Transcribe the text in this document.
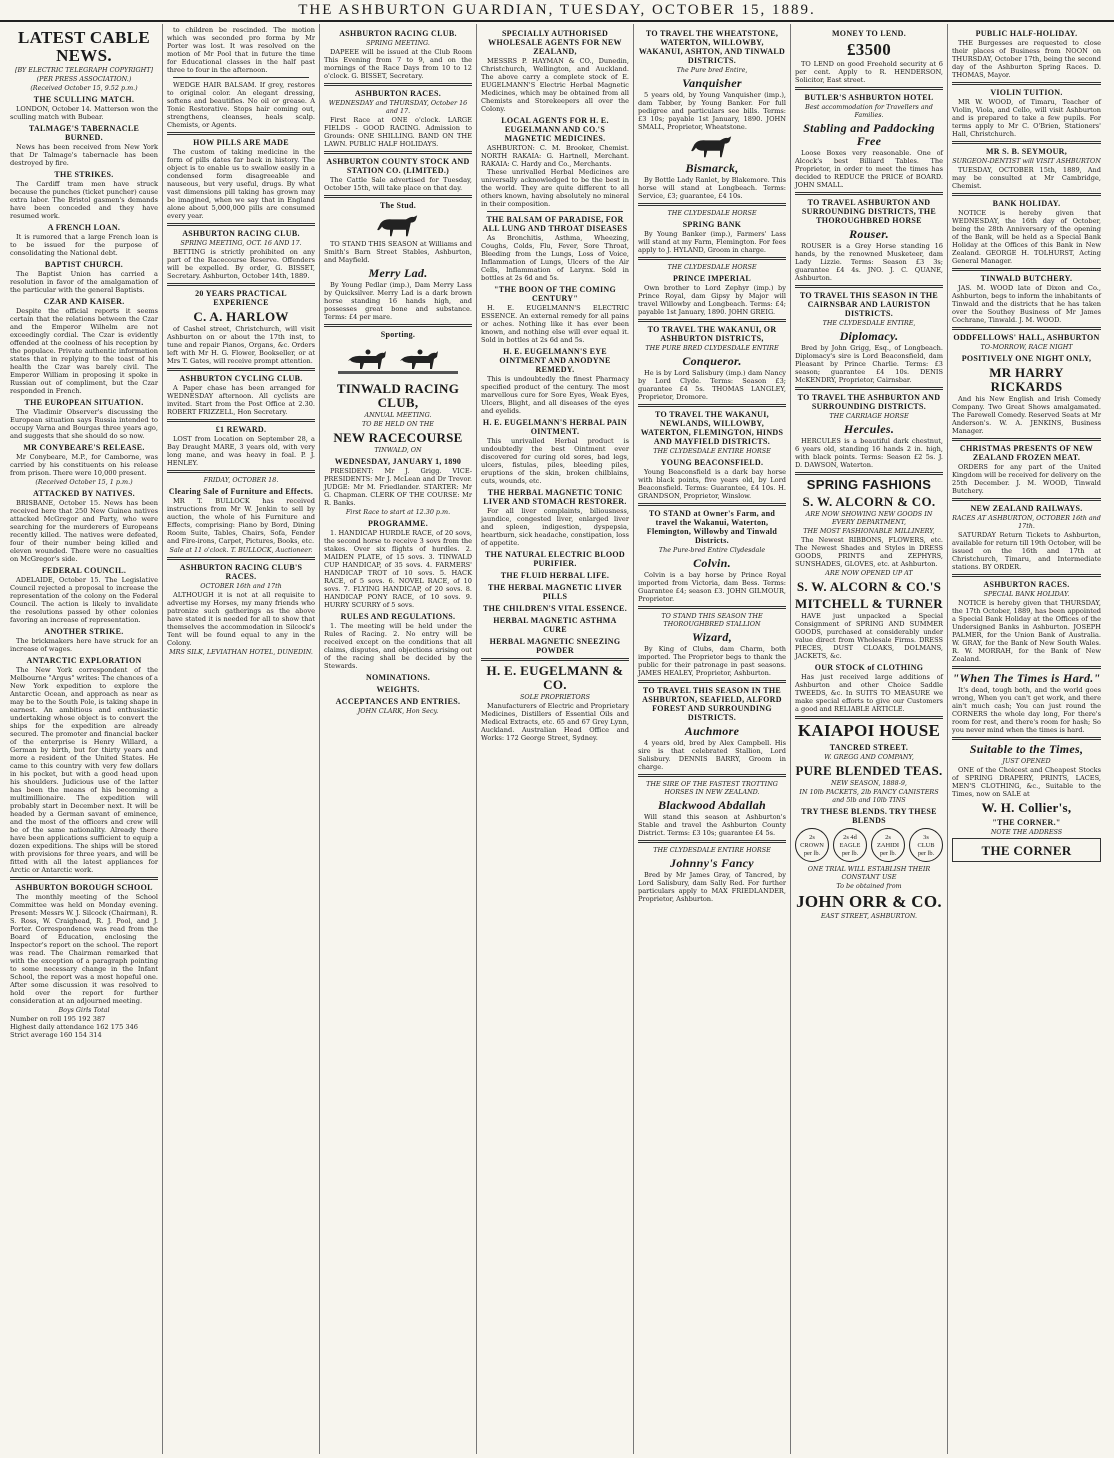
THE ASHBURTON GUARDIAN, TUESDAY, OCTOBER 15, 1889.
LATEST CABLE NEWS.
[BY ELECTRIC TELEGRAPH COPYRIGHT]
(PER PRESS ASSOCIATION.)
(Received October 15, 9.52 p.m.)
THE SCULLING MATCH.
LONDON, October 14. Matterson won the sculling match with Bubear.
TALMAGE'S TABERNACLE BURNED.
News has been received from New York that Dr Talmage's tabernacle has been destroyed by fire.
THE STRIKES.
The Cardiff tram men have struck because the punches (ticket puncher) cause extra labor. The Bristol gasmen's demands have been conceded and they have resumed work.
A FRENCH LOAN.
It is rumored that a large French loan is to be issued for the purpose of consolidating the National debt.
BAPTIST CHURCH.
The Baptist Union has carried a resolution in favor of the amalgamation of the particular with the general Baptists.
CZAR AND KAISER.
Despite the official reports it seems certain that the relations between the Czar and the Emperor Wilhelm are not exceedingly cordial. The Czar is evidently offended at the coolness of his reception by the populace. Private authentic information states that in replying to the toast of his health the Czar was barely civil. The Emperor William in proposing it spoke in Russian out of compliment, but the Czar responded in French.
THE EUROPEAN SITUATION.
The Vladimir Observer's discussing the European situation says Russia intended to occupy Varna and Bourgas three years ago, and suggests that she should do so now.
MR CONYBEARE'S RELEASE.
Mr Conybeare, M.P., for Camborne, was carried by his constituents on his release from prison. There were 10,000 present.
(Received October 15, 1 p.m.)
ATTACKED BY NATIVES.
BRISBANE, October 15. News has been received here that 250 New Guinea natives attacked McGregor and Party, who were searching for the murderers of Europeans recently killed. The natives were defeated, four of their number being killed and eleven wounded. There were no casualties on McGregor's side.
FEDERAL COUNCIL.
ADELAIDE, October 15. The Legislative Council rejected a proposal to increase the representation of the colony on the Federal Council. The action is likely to invalidate the resolutions passed by other colonies favoring an increase of representation.
ANOTHER STRIKE.
The brickmakers here have struck for an increase of wages.
ANTARCTIC EXPLORATION
The New York correspondent of the Melbourne "Argus" writes: The chances of a New York expedition to explore the Antarctic Ocean, and approach as near as may be to the South Pole, is taking shape in earnest. An ambitious and enthusiastic undertaking whose object is to convert the ships for the expedition are already secured. The promoter and financial backer of the enterprise is Henry Willard, a German by birth, but for thirty years and more a resident of the United States. He came to this country with very few dollars in his pocket, but with a good head upon his shoulders. Judicious use of the latter has been the means of his becoming a multimillionaire. The expedition will probably start in December next. It will be headed by a German savant of eminence, and the most of the officers and crew will be of the same nationality. Already there have been applications sufficient to equip a dozen expeditions. The ships will be stored with provisions for three years, and will be fitted with all the latest appliances for Arctic or Antarctic work.
ASHBURTON BOROUGH SCHOOL
The monthly meeting of the School Committee was held on Monday evening. Present: Messrs W. J. Silcock (Chairman), R. S. Ross, W. Craighead, R. J. Pool, and J. Porter. Correspondence was read from the Board of Education, enclosing the Inspector's report on the school. The report was read. The Chairman remarked that with the exception of a paragraph pointing to some necessary change in the Infant School, the report was a most hopeful one. After some discussion it was resolved to hold over the report for further consideration at an adjourned meeting.
Boys Girls Total
Number on roll 195 192 387
Highest daily attendance 162 175 346
Strict average 160 154 314
to children be rescinded. The motion which was seconded pro forma by Mr Porter was lost. It was resolved on the motion of Mr Pool that in future the time for Educational classes in the half past three to four in the afternoon.
WEDGE HAIR BALSAM. If grey, restores to original color. An elegant dressing, softens and beautifies. No oil or grease. A Tonic Restorative. Stops hair coming out, strengthens, cleanses, heals scalp. Chemists, or Agents.
HOW PILLS ARE MADE
The custom of taking medicine in the form of pills dates far back in history. The object is to enable us to swallow easily in a condensed form disagreeable and nauseous, but very useful, drugs. By what vast dimensions pill taking has grown may be imagined, when we say that in England alone about 5,000,000 pills are consumed every year.
ASHBURTON RACING CLUB.
SPRING MEETING, OCT. 16 AND 17.
BETTING is strictly prohibited on any part of the Racecourse Reserve. Offenders will be expelled. By order, G. BISSET, Secretary. Ashburton, October 14th, 1889.
20 YEARS PRACTICAL EXPERIENCE
C. A. HARLOW
of Cashel street, Christchurch, will visit Ashburton on or about the 17th inst, to tune and repair Pianos, Organs, &c. Orders left with Mr H. G. Flower, Bookseller, or at Mrs T. Gates, will receive prompt attention.
ASHBURTON CYCLING CLUB.
A Paper chase has been arranged for WEDNESDAY afternoon. All cyclists are invited. Start from the Post Office at 2.30. ROBERT FRIZZELL, Hon Secretary.
£1 REWARD.
LOST from Location on September 28, a Bay Draught MARE, 3 years old, with very long mane, and was heavy in foal. P. J. HENLEY.
FRIDAY, OCTOBER 18.
Clearing Sale of Furniture and Effects.
MR T. BULLOCK has received instructions from Mr W. Jenkin to sell by auction, the whole of his Furniture and Effects, comprising: Piano by Bord, Dining Room Suite, Tables, Chairs, Sofa, Fender and Fire-irons, Carpet, Pictures, Books, etc.
Sale at 11 o'clock. T. BULLOCK, Auctioneer.
ASHBURTON RACING CLUB'S RACES.
OCTOBER 16th and 17th
ALTHOUGH it is not at all requisite to advertise my Horses, my many friends who patronize such gatherings as the above have stated it is needed for all to show that themselves the accommodation in Silcock's Tent will be found equal to any in the Colony.
MRS SILK, LEVIATHAN HOTEL, DUNEDIN.
ASHBURTON RACING CLUB.
SPRING MEETING.
DAPEEE will be issued at the Club Room This Evening from 7 to 9, and on the mornings of the Race Days from 10 to 12 o'clock. G. BISSET, Secretary.
ASHBURTON RACES.
WEDNESDAY and THURSDAY, October 16 and 17.
First Race at ONE o'clock. LARGE FIELDS - GOOD RACING. Admission to Grounds: ONE SHILLING. BAND ON THE LAWN. PUBLIC HALF HOLIDAYS.
ASHBURTON COUNTY STOCK AND STATION CO. (LIMITED.)
The Cattle Sale advertised for Tuesday, October 15th, will take place on that day.
The Stud.
TO STAND THIS SEASON at Williams and Smith's Barn Street Stables, Ashburton, and Mayfield.
Merry Lad.
By Young Pedlar (imp.), Dam Merry Lass by Quicksilver. Merry Lad is a dark brown horse standing 16 hands high, and possesses great bone and substance. Terms: £4 per mare.
Sporting.
TINWALD RACING CLUB,
ANNUAL MEETING.
TO BE HELD ON THE
NEW RACECOURSE
TINWALD, ON
WEDNESDAY, JANUARY 1, 1890
PRESIDENT: Mr J. Grigg. VICE-PRESIDENTS: Mr J. McLean and Dr Trevor. JUDGE: Mr M. Friedlander. STARTER: Mr G. Chapman. CLERK OF THE COURSE: Mr R. Banks.
First Race to start at 12.30 p.m.
PROGRAMME.
1. HANDICAP HURDLE RACE, of 20 sovs, the second horse to receive 3 sovs from the stakes. Over six flights of hurdles. 2. MAIDEN PLATE, of 15 sovs. 3. TINWALD CUP HANDICAP, of 35 sovs. 4. FARMERS' HANDICAP TROT of 10 sovs. 5. HACK RACE, of 5 sovs. 6. NOVEL RACE, of 10 sovs. 7. FLYING HANDICAP, of 20 sovs. 8. HANDICAP PONY RACE, of 10 sovs. 9. HURRY SCURRY of 5 sovs.
RULES AND REGULATIONS.
1. The meeting will be held under the Rules of Racing. 2. No entry will be received except on the conditions that all claims, disputes, and objections arising out of the racing shall be decided by the Stewards.
NOMINATIONS.
WEIGHTS.
ACCEPTANCES AND ENTRIES.
JOHN CLARK, Hon Secy.
SPECIALLY AUTHORISED WHOLESALE AGENTS FOR NEW ZEALAND,
MESSRS P. HAYMAN & CO., Dunedin, Christchurch, Wellington, and Auckland. The above carry a complete stock of E. EUGELMANN'S Electric Herbal Magnetic Medicines, which may be obtained from all Chemists and Storekeepers all over the Colony.
LOCAL AGENTS FOR H. E. EUGELMANN AND CO.'S MAGNETIC MEDICINES.
ASHBURTON: C. M. Brooker, Chemist. NORTH RAKAIA: G. Hartnell, Merchant. RAKAIA: C. Hardy and Co., Merchants.
These unrivalled Herbal Medicines are universally acknowledged to be the best in the world. They are quite different to all others known, having absolutely no mineral in their composition.
THE BALSAM OF PARADISE, FOR ALL LUNG AND THROAT DISEASES
As Bronchitis, Asthma, Wheezing, Coughs, Colds, Flu, Fever, Sore Throat, Bleeding from the Lungs, Loss of Voice, Inflammation of Lungs, Ulcers of the Air Cells, Inflammation of Larynx. Sold in bottles at 2s 6d and 5s.
"THE BOON OF THE COMING CENTURY"
H. E. EUGELMANN'S ELECTRIC ESSENCE. An external remedy for all pains or aches. Nothing like it has ever been known, and nothing else will ever equal it. Sold in bottles at 2s 6d and 5s.
H. E. EUGELMANN'S EYE OINTMENT AND ANODYNE REMEDY.
This is undoubtedly the finest Pharmacy specified product of the century. The most marvellous cure for Sore Eyes, Weak Eyes, Ulcers, Blight, and all diseases of the eyes and eyelids.
H. E. EUGELMANN'S HERBAL PAIN OINTMENT.
This unrivalled Herbal product is undoubtedly the best Ointment ever discovered for curing old sores, bad legs, ulcers, fistulas, piles, bleeding piles, eruptions of the skin, broken chilblains, cuts, wounds, etc.
THE HERBAL MAGNETIC TONIC LIVER AND STOMACH RESTORER.
For all liver complaints, biliousness, jaundice, congested liver, enlarged liver and spleen, indigestion, dyspepsia, heartburn, sick headache, constipation, loss of appetite.
THE NATURAL ELECTRIC BLOOD PURIFIER.
THE FLUID HERBAL LIFE.
THE HERBAL MAGNETIC LIVER PILLS
THE CHILDREN'S VITAL ESSENCE.
HERBAL MAGNETIC ASTHMA CURE
HERBAL MAGNETIC SNEEZING POWDER
H. E. EUGELMANN & CO.
SOLE PROPRIETORS
Manufacturers of Electric and Proprietary Medicines, Distillers of Essential Oils and Medical Extracts, etc. 65 and 67 Grey Lynn, Auckland. Australian Head Office and Works: 172 George Street, Sydney.
TO TRAVEL THE WHEATSTONE, WATERTON, WILLOWBY, WAKANUI, ASHTON, AND TINWALD DISTRICTS.
The Pure bred Entire,
Vanquisher
5 years old, by Young Vanquisher (imp.), dam Tabber, by Young Banker. For full pedigree and particulars see bills. Terms: £3 10s; payable 1st January, 1890. JOHN SMALL, Proprietor, Wheatstone.
Bismarck,
By Bottle Lady Ranlet, by Blakemore. This horse will stand at Longbeach. Terms: Service, £3; guarantee, £4 10s.
THE CLYDESDALE HORSE
SPRING BANK
By Young Banker (imp.), Farmers' Lass will stand at my Farm, Flemington. For fees apply to J. HYLAND, Groom in charge.
THE CLYDESDALE HORSE
PRINCE IMPERIAL
Own brother to Lord Zephyr (imp.) by Prince Royal, dam Gipsy by Major will travel Willowby and Longbeach. Terms: £4; payable 1st January, 1890. JOHN GREIG.
TO TRAVEL THE WAKANUI, OR ASHBURTON DISTRICTS,
THE PURE BRED CLYDESDALE ENTIRE
Conqueror.
He is by Lord Salisbury (imp.) dam Nancy by Lord Clyde. Terms: Season £3; guarantee £4 5s. THOMAS LANGLEY, Proprietor, Dromore.
TO TRAVEL THE WAKANUI, NEWLANDS, WILLOWBY, WATERTON, FLEMINGTON, HINDS AND MAYFIELD DISTRICTS.
THE CLYDESDALE ENTIRE HORSE
YOUNG BEACONSFIELD.
Young Beaconsfield is a dark bay horse with black points, five years old, by Lord Beaconsfield. Terms: Guarantee, £4 10s. H. GRANDSON, Proprietor, Winslow.
TO STAND at Owner's Farm, and travel the Wakanui, Waterton, Flemington, Willowby and Tinwald Districts.
The Pure-bred Entire Clydesdale
Colvin.
Colvin is a bay horse by Prince Royal imported from Victoria, dam Bess. Terms: Guarantee £4; season £3. JOHN GILMOUR, Proprietor.
TO STAND THIS SEASON THE THOROUGHBRED STALLION
Wizard,
By King of Clubs, dam Charm, both imported. The Proprietor begs to thank the public for their patronage in past seasons. JAMES HEALEY, Proprietor, Ashburton.
TO TRAVEL THIS SEASON IN THE ASHBURTON, SEAFIELD, ALFORD FOREST AND SURROUNDING DISTRICTS.
Auchmore
4 years old, bred by Alex Campbell. His sire is that celebrated Stallion, Lord Salisbury. DENNIS BARRY, Groom in charge.
THE SIRE OF THE FASTEST TROTTING HORSES IN NEW ZEALAND.
Blackwood Abdallah
Will stand this season at Ashburton's Stable and travel the Ashburton County District. Terms: £3 10s; guarantee £4 5s.
THE CLYDESDALE ENTIRE HORSE
Johnny's Fancy
Bred by Mr James Gray, of Tancred, by Lord Salisbury, dam Sally Red. For further particulars apply to MAX FRIEDLANDER, Proprietor, Ashburton.
MONEY TO LEND.
£3500
TO LEND on good Freehold security at 6 per cent. Apply to R. HENDERSON, Solicitor, East street.
BUTLER'S ASHBURTON HOTEL
Best accommodation for Travellers and Families.
Stabling and Paddocking Free
Loose Boxes very reasonable. One of Alcock's best Billiard Tables. The Proprietor, in order to meet the times has decided to REDUCE the PRICE of BOARD. JOHN SMALL.
TO TRAVEL ASHBURTON AND SURROUNDING DISTRICTS, THE THOROUGHBRED HORSE
Rouser.
ROUSER is a Grey Horse standing 16 hands, by the renowned Musketeer, dam Lady Lizzie. Terms: Season £3 3s; guarantee £4 4s. JNO. J. C. QUANE, Ashburton.
TO TRAVEL THIS SEASON IN THE CAIRNSBAR AND LAURISTON DISTRICTS.
THE CLYDESDALE ENTIRE,
Diplomacy.
Bred by John Grigg, Esq., of Longbeach. Diplomacy's sire is Lord Beaconsfield, dam Pleasant by Prince Charlie. Terms: £3 season; guarantee £4 10s. DENIS McKENDRY, Proprietor, Cairnsbar.
TO TRAVEL THE ASHBURTON AND SURROUNDING DISTRICTS.
THE CARRIAGE HORSE
Hercules.
HERCULES is a beautiful dark chestnut, 6 years old, standing 16 hands 2 in. high, with black points. Terms: Season £2 5s. J. D. DAWSON, Waterton.
SPRING FASHIONS
S. W. ALCORN & CO.
ARE NOW SHOWING NEW GOODS IN EVERY DEPARTMENT,
THE MOST FASHIONABLE MILLINERY,
The Newest RIBBONS, FLOWERS, etc. The Newest Shades and Styles in DRESS GOODS, PRINTS and ZEPHYRS, SUNSHADES, GLOVES, etc. at Ashburton.
ARE NOW OPENED UP AT
S. W. ALCORN & CO.'S
MITCHELL & TURNER
HAVE just unpacked a Special Consignment of SPRING AND SUMMER GOODS, purchased at considerably under value direct from Wholesale Firms. DRESS PIECES, DUST CLOAKS, DOLMANS, JACKETS, &c.
OUR STOCK of CLOTHING
Has just received large additions of Ashburton and other Choice Saddle TWEEDS, &c. In SUITS TO MEASURE we make special efforts to give our Customers a good and RELIABLE ARTICLE.
KAIAPOI HOUSE
TANCRED STREET.
W. GREGG AND COMPANY,
PURE BLENDED TEAS.
NEW SEASON, 1888-9,
IN 10lb PACKETS, 2lb FANCY CANISTERS and 5lb and 10lb TINS
TRY THESE BLENDS. TRY THESE BLENDS
2s
CROWN
per lb.
2s 4d
EAGLE
per lb.
2s
ZAHIDI
per lb.
3s
CLUB
per lb.
ONE TRIAL WILL ESTABLISH THEIR CONSTANT USE
To be obtained from
JOHN ORR & CO.
EAST STREET, ASHBURTON.
PUBLIC HALF-HOLIDAY.
THE Burgesses are requested to close their places of Business from NOON on THURSDAY, October 17th, being the second day of the Ashburton Spring Races. D. THOMAS, Mayor.
VIOLIN TUITION.
MR W. WOOD, of Timaru, Teacher of Violin, Viola, and Cello, will visit Ashburton and is prepared to take a few pupils. For terms apply to Mr C. O'Brien, Stationers' Hall, Christchurch.
MR S. B. SEYMOUR,
SURGEON-DENTIST will VISIT ASHBURTON
TUESDAY, OCTOBER 15th, 1889, And may be consulted at Mr Cambridge, Chemist.
BANK HOLIDAY.
NOTICE is hereby given that WEDNESDAY, the 16th day of October, being the 28th Anniversary of the opening of the Bank, will be held as a Special Bank Holiday at the Offices of this Bank in New Zealand. GEORGE H. TOLHURST, Acting General Manager.
TINWALD BUTCHERY.
JAS. M. WOOD late of Dixon and Co., Ashburton, begs to inform the inhabitants of Tinwald and the districts that he has taken over the Southey Business of Mr James Cochrane, Tinwald. J. M. WOOD.
ODDFELLOWS' HALL, ASHBURTON
TO-MORROW, RACE NIGHT
POSITIVELY ONE NIGHT ONLY,
MR HARRY RICKARDS
And his New English and Irish Comedy Company. Two Great Shows amalgamated. The Farewell Comedy. Reserved Seats at Mr Anderson's. W. A. JENKINS, Business Manager.
CHRISTMAS PRESENTS OF NEW ZEALAND FROZEN MEAT.
ORDERS for any part of the United Kingdom will be received for delivery on the 25th December. J. M. WOOD, Tinwald Butchery.
NEW ZEALAND RAILWAYS.
RACES AT ASHBURTON, OCTOBER 16th and 17th.
SATURDAY Return Tickets to Ashburton, available for return till 19th October, will be issued on the 16th and 17th at Christchurch, Timaru, and Intermediate stations. BY ORDER.
ASHBURTON RACES.
SPECIAL BANK HOLIDAY.
NOTICE is hereby given that THURSDAY, the 17th October, 1889, has been appointed a Special Bank Holiday at the Offices of the Undersigned Banks in Ashburton. JOSEPH PALMER, for the Union Bank of Australia. W. GRAY, for the Bank of New South Wales. R. W. MORRAH, for the Bank of New Zealand.
"When The Times is Hard."
It's dead, tough both, and the world goes wrong, When you can't get work, and there ain't much cash; You can just round the CORNERS the whole day long, For there's room for rest, and there's room for hash; So you never mind when the times is hard.
Suitable to the Times,
JUST OPENED
ONE of the Choicest and Cheapest Stocks of SPRING DRAPERY, PRINTS, LACES, MEN'S CLOTHING, &c., Suitable to the Times, now on SALE at
W. H. Collier's,
"THE CORNER."
NOTE THE ADDRESS
THE CORNER
